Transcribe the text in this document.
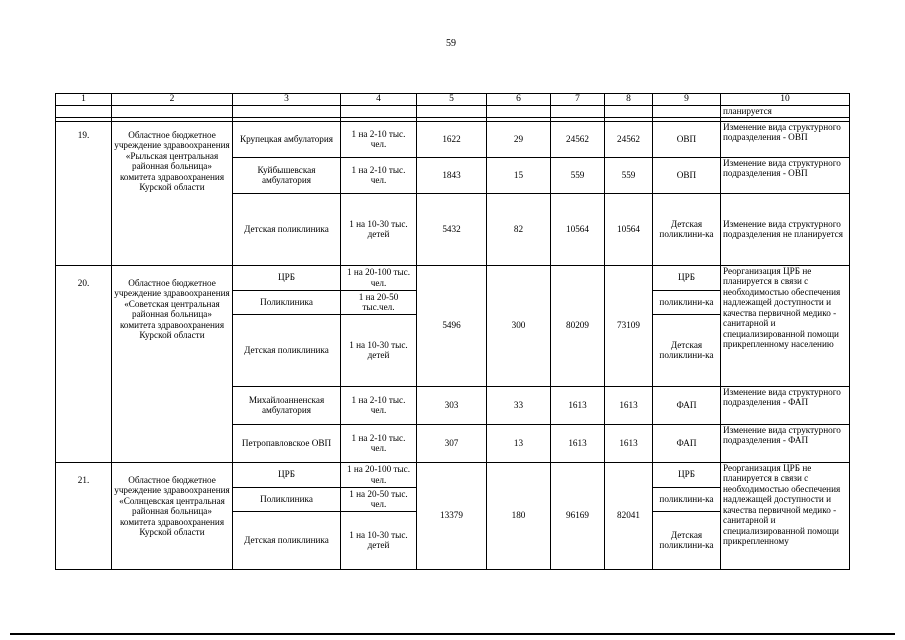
59
1	2	3	4	5	6	7	8	9	10
									планируется

19.	Областное бюджетное учреждение здравоохранения «Рыльская центральная районная больница» комитета здравоохранения Курской области	Крупецкая амбулатория	1 на 2-10 тыс. чел.	1622	29	24562	24562	ОВП	Изменение вида структурного подразделения - ОВП
		Куйбышевская амбулатория	1 на 2-10 тыс. чел.	1843	15	559	559	ОВП	Изменение вида структурного подразделения - ОВП
		Детская поликлиника	1 на 10-30 тыс. детей	5432	82	10564	10564	Детская поликлини-ка	Изменение вида структурного подразделения не планируется
20.	Областное бюджетное учреждение здравоохранения «Советская центральная районная больница» комитета здравоохранения Курской области	ЦРБ	1 на 20-100 тыс. чел.	5496	300	80209	73109	ЦРБ	Реорганизация ЦРБ не планируется в связи с необходимостью обеспечения надлежащей доступности и качества первичной медико - санитарной и специализированной помощи прикрепленному населению
		Поликлиника	1 на 20-50 тыс.чел.					поликлини-ка	
		Детская поликлиника	1 на 10-30 тыс. детей					Детская поликлини-ка	
		Михайлоанненская амбулатория	1 на 2-10 тыс. чел.	303	33	1613	1613	ФАП	Изменение вида структурного подразделения - ФАП
		Петропавловское ОВП	1 на 2-10 тыс. чел.	307	13	1613	1613	ФАП	Изменение вида структурного подразделения - ФАП
21.	Областное бюджетное учреждение здравоохранения «Солнцевская центральная районная больница» комитета здравоохранения Курской области	ЦРБ	1 на 20-100 тыс. чел.	13379	180	96169	82041	ЦРБ	Реорганизация ЦРБ не планируется в связи с необходимостью обеспечения надлежащей доступности и качества первичной медико - санитарной и специализированной помощи прикрепленному
		Поликлиника	1 на 20-50 тыс. чел.					поликлини-ка	
		Детская поликлиника	1 на 10-30 тыс. детей					Детская поликлини-ка	
